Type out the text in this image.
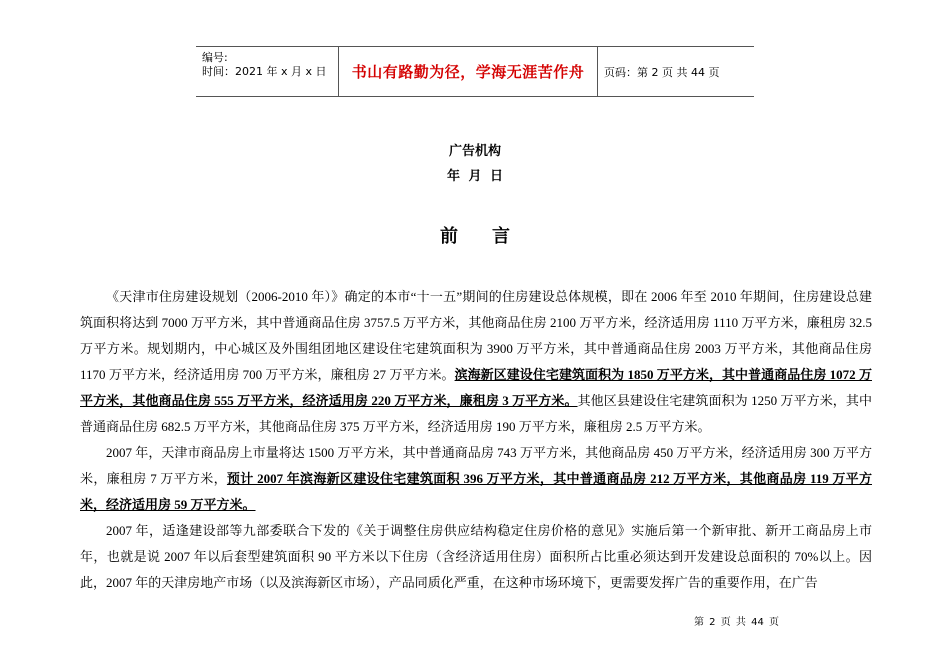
编号:
时间：2021 年 x 月 x 日	书山有路勤为径，学海无涯苦作舟	页码：第 2 页 共 44 页
广告机构
年 月 日
前言

《天津市住房建设规划（2006-2010 年）》确定的本市“十一五”期间的住房建设总体规模，即在 2006 年至 2010 年期间，住房建设总建筑面积将达到 7000 万平方米，其中普通商品住房 3757.5 万平方米，其他商品住房 2100 万平方米，经济适用房 1110 万平方米，廉租房 32.5 万平方米。规划期内，中心城区及外围组团地区建设住宅建筑面积为 3900 万平方米，其中普通商品住房 2003 万平方米，其他商品住房 1170 万平方米，经济适用房 700 万平方米，廉租房 27 万平方米。滨海新区建设住宅建筑面积为 1850 万平方米，其中普通商品住房 1072 万平方米，其他商品住房 555 万平方米，经济适用房 220 万平方米，廉租房 3 万平方米。其他区县建设住宅建筑面积为 1250 万平方米，其中普通商品住房 682.5 万平方米，其他商品住房 375 万平方米，经济适用房 190 万平方米，廉租房 2.5 万平方米。

2007 年，天津市商品房上市量将达 1500 万平方米，其中普通商品房 743 万平方米，其他商品房 450 万平方米，经济适用房 300 万平方米，廉租房 7 万平方米，预计 2007 年滨海新区建设住宅建筑面积 396 万平方米，其中普通商品房 212 万平方米，其他商品房 119 万平方米，经济适用房 59 万平方米。

2007 年，适逢建设部等九部委联合下发的《关于调整住房供应结构稳定住房价格的意见》实施后第一个新审批、新开工商品房上市年，也就是说 2007 年以后套型建筑面积 90 平方米以下住房（含经济适用住房）面积所占比重必须达到开发建设总面积的 70%以上。因此，2007 年的天津房地产市场（以及滨海新区市场），产品同质化严重，在这种市场环境下，更需要发挥广告的重要作用，在广告

第 2 页 共 44 页
